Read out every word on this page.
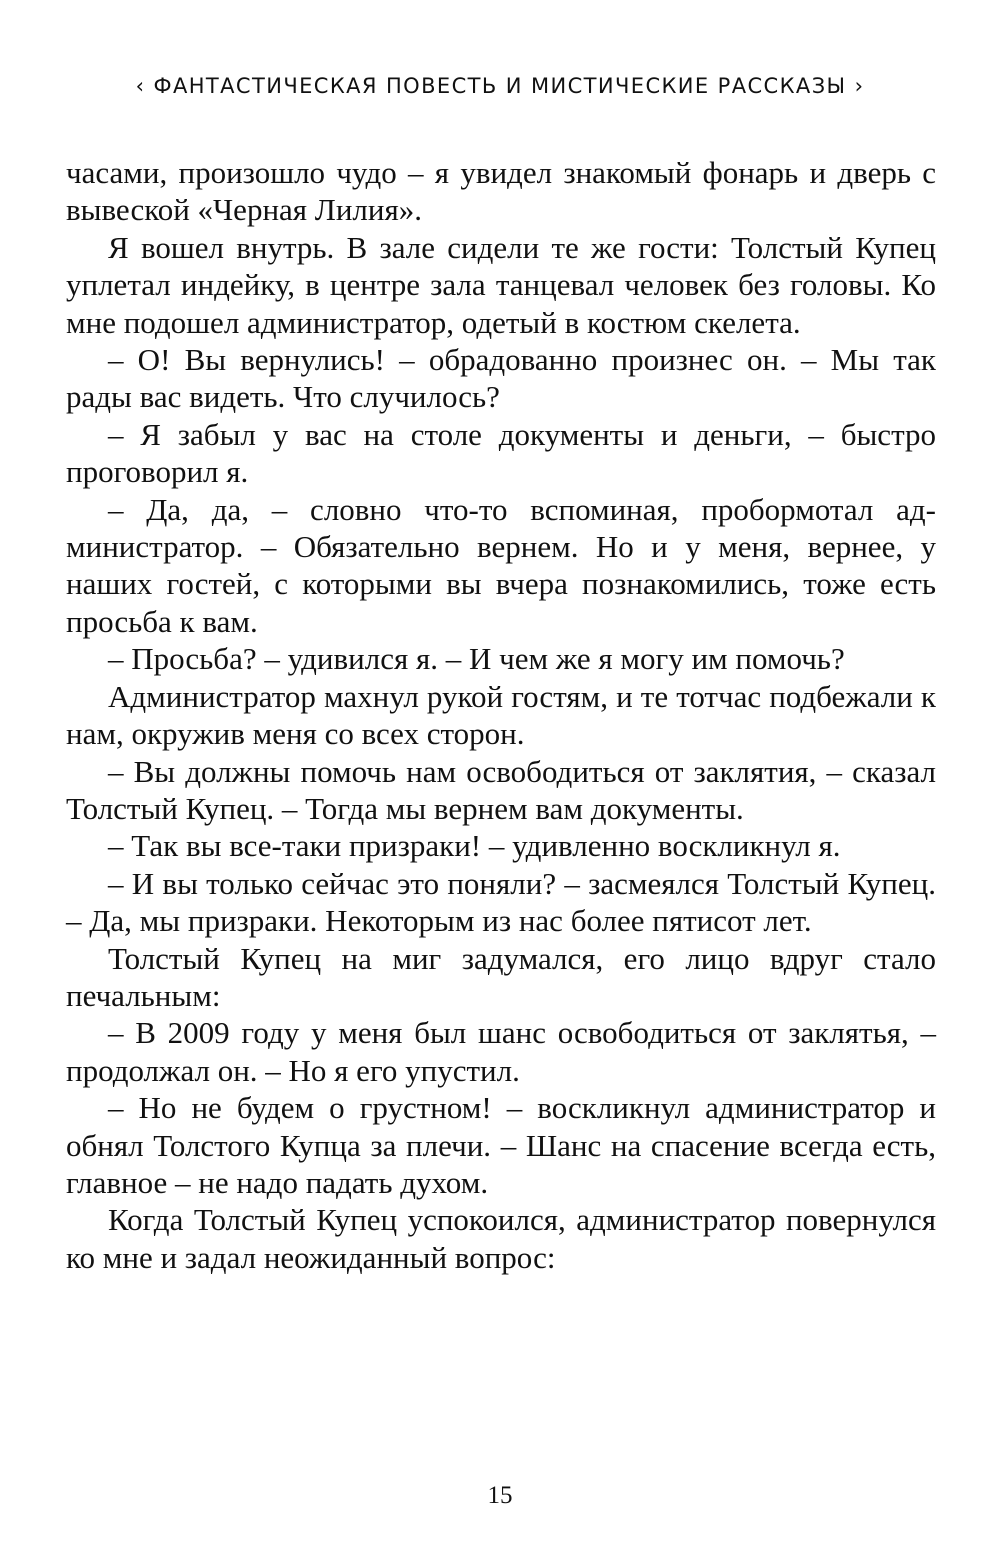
‹ ФАНТАСТИЧЕСКАЯ ПОВЕСТЬ И МИСТИЧЕСКИЕ РАССКАЗЫ ›

часами, произошло чудо – я увидел знакомый фонарь и дверь с вывеской «Черная Лилия».

Я вошел внутрь. В зале сидели те же гости: Толстый Купец уплетал индейку, в центре зала танцевал человек без головы. Ко мне подошел администратор, одетый в костюм скелета.

– О! Вы вернулись! – обрадованно произнес он. – Мы так рады вас видеть. Что случилось?

– Я забыл у вас на столе документы и деньги, – быстро проговорил я.

– Да, да, – словно что-то вспоминая, пробормотал администратор. – Обязательно вернем. Но и у меня, вернее, у наших гостей, с которыми вы вчера познакомились, тоже есть просьба к вам.

– Просьба? – удивился я. – И чем же я могу им помочь?

Администратор махнул рукой гостям, и те тотчас подбежали к нам, окружив меня со всех сторон.

– Вы должны помочь нам освободиться от заклятия, – сказал Толстый Купец. – Тогда мы вернем вам документы.

– Так вы все-таки призраки! – удивленно воскликнул я.

– И вы только сейчас это поняли? – засмеялся Толстый Купец. – Да, мы призраки. Некоторым из нас более пятисот лет.

Толстый Купец на миг задумался, его лицо вдруг стало печальным:

– В 2009 году у меня был шанс освободиться от заклятья, – продолжал он. – Но я его упустил.

– Но не будем о грустном! – воскликнул администратор и обнял Толстого Купца за плечи. – Шанс на спасение всегда есть, главное – не надо падать духом.

Когда Толстый Купец успокоился, администратор повернулся ко мне и задал неожиданный вопрос:

15
